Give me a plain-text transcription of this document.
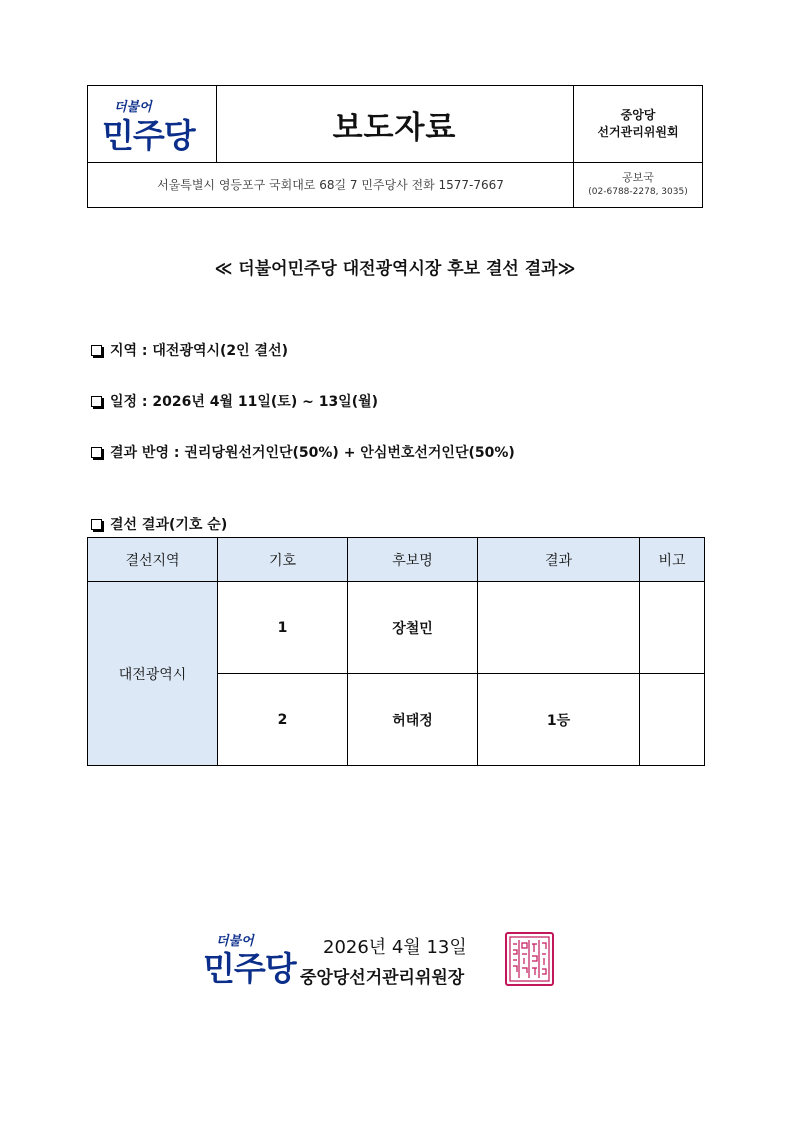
더불어
민주당	보도자료	중앙당
선거관리위원회
서울특별시 영등포구 국회대로 68길 7 민주당사 전화 1577-7667
공보국
(02-6788-2278, 3035)
≪ 더불어민주당 대전광역시장 후보 결선 결과≫
지역 : 대전광역시(2인 결선)
일정 : 2026년 4월 11일(토) ~ 13일(월)
결과 반영 : 권리당원선거인단(50%) + 안심번호선거인단(50%)
결선 결과(기호 순)
결선지역	기호	후보명	결과	비고
대전광역시	1	장철민		
	2	허태정	1등	
더불어
민주당
2026년 4월 13일
중앙당선거관리위원장
